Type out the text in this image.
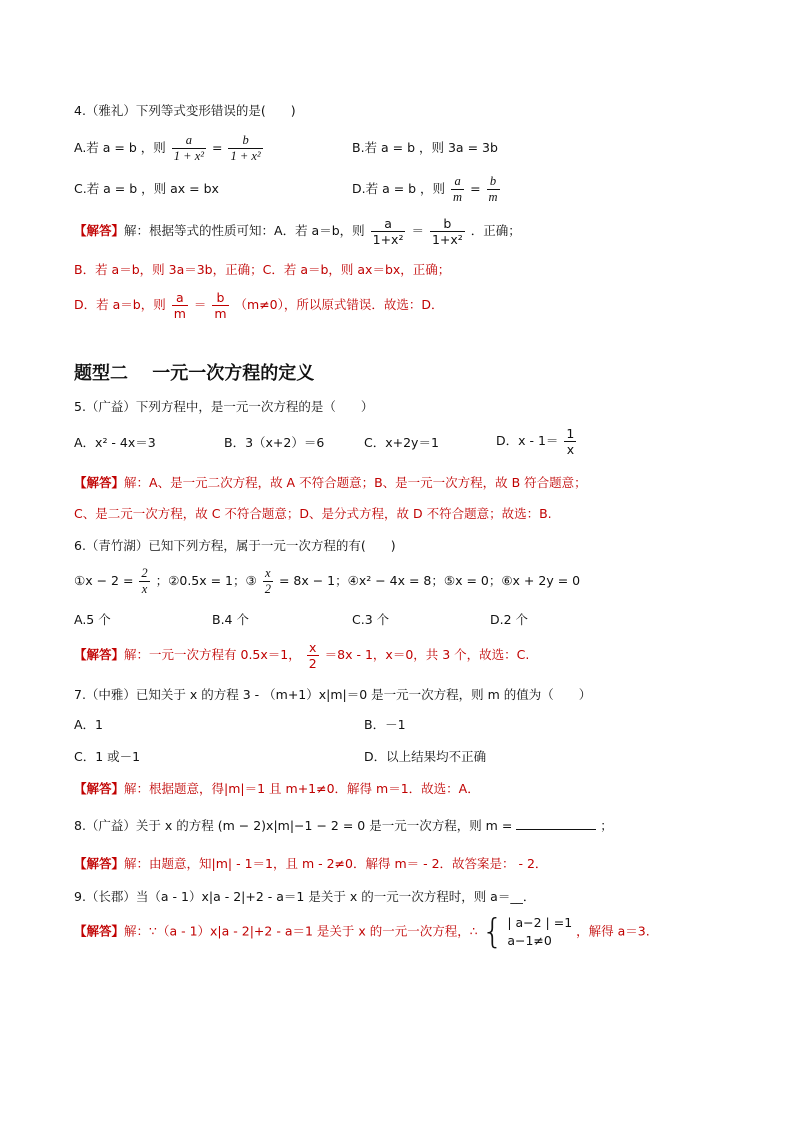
4.（雅礼）下列等式变形错误的是(　　)
A.若 a = b ，则 $\frac{a}{\text{1 + x²}} = \frac{b}{\text{1 + x²}}$	B.若 a = b ，则 3a = 3b
C.若 a = b ，则 ax = bx	D.若 a = b ，则 $\frac{a}{m} = \frac{b}{m}$
【解答】解：根据等式的性质可知：A．若 a＝b，则 $\frac{a}{\text{1+x²}} = \frac{b}{\text{1+x²}}$ ．正确；
B．若 a＝b，则 3a＝3b，正确；C．若 a＝b，则 ax＝bx，正确；
D．若 a＝b，则 $\frac{a}{m} = \frac{b}{m} (m\ne 0)$，所以原式错误．故选：D．
题型二　 一元一次方程的定义
5.（广益）下列方程中，是一元一次方程的是（　　）
A．x² - 4x＝3	B．3（x+2）＝6	C．x+2y＝1	D．$x - 1= \frac{1}{x}$
【解答】解：A、是一元二次方程，故 A 不符合题意；B、是一元一次方程，故 B 符合题意；
C、是二元一次方程，故 C 不符合题意；D、是分式方程，故 D 不符合题意；故选：B.
6.（青竹湖）已知下列方程，属于一元一次方程的有(　　)
①x − $2 = \frac{2}{x}$ ；②0.5x = 1；③ $\frac{x}{2} = 8x - 1$；④x² − 4x = 8；⑤x = 0；⑥x + 2y = 0
A.5 个	B.4 个	C.3 个	D.2 个
【解答】解：一元一次方程有 0.5x＝1， $\frac{x}{2} =8x - 1$，x＝0，共 3 个，故选：C.
7.（中雅）已知关于 x 的方程 3 - （m+1）x|m|＝0 是一元一次方程，则 m 的值为（　　）
A．1	B．－1
C．1 或－1	D．以上结果均不正确
【解答】解：根据题意，得|m|＝1 且 m+1≠0．解得 m＝1．故选：A．
8.（广益）关于 x 的方程 (m − 2)x|m|−1 − 2 = 0 是一元一次方程，则 m =	；
【解答】解：由题意，知|m| - 1＝1，且 m - 2≠0．解得 m＝ - 2．故答案是： - 2．
9.（长郡）当（a - 1）x|a - 2|+2 - a＝1 是关于 x 的一元一次方程时，则 a＝__．
【解答】解：∵（a - 1）x|a - 2|+2 - a＝1 是关于 x 的一元一次方程，∴ { | a−2 | =1
a−1≠0
，解得 a＝3.
